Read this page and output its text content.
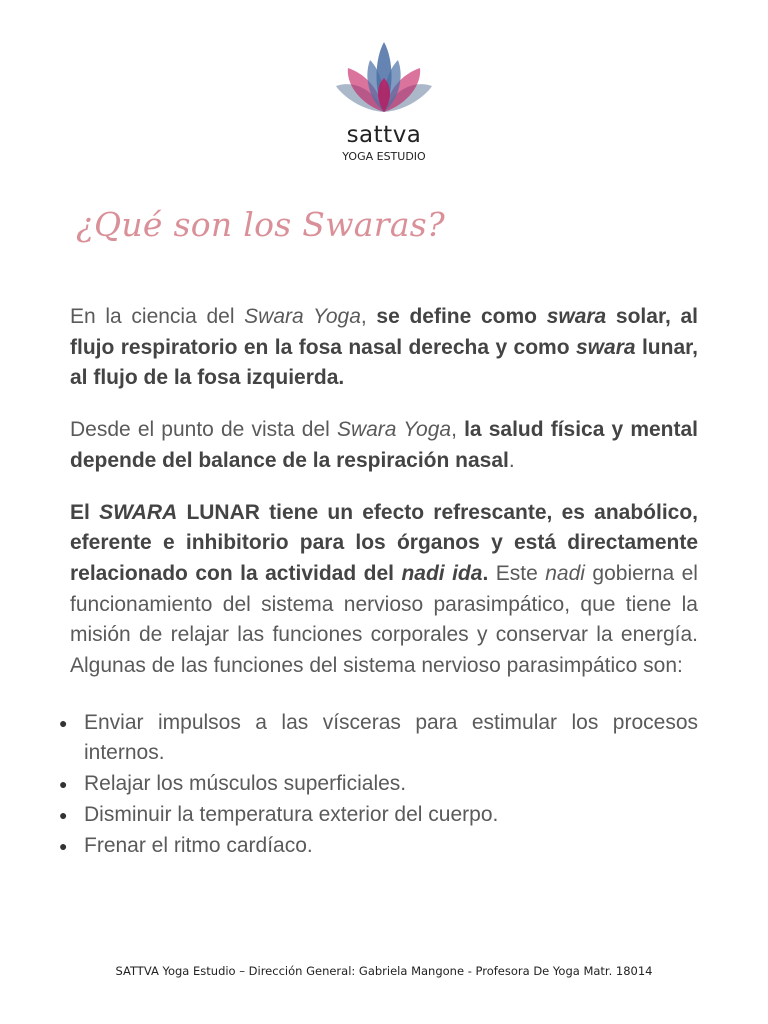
sattva
YOGA ESTUDIO
¿Qué son los Swaras?

En la ciencia del Swara Yoga, se define como swara solar, al flujo respiratorio en la fosa nasal derecha y como swara lunar, al flujo de la fosa izquierda.

Desde el punto de vista del Swara Yoga, la salud física y mental depende del balance de la respiración nasal.

El SWARA LUNAR tiene un efecto refrescante, es anabólico, eferente e inhibitorio para los órganos y está directamente relacionado con la actividad del nadi ida. Este nadi gobierna el funcionamiento del sistema nervioso parasimpático, que tiene la misión de relajar las funciones corporales y conservar la energía. Algunas de las funciones del sistema nervioso parasimpático son:

● Enviar impulsos a las vísceras para estimular los procesos internos.
● Relajar los músculos superficiales.
● Disminuir la temperatura exterior del cuerpo.
● Frenar el ritmo cardíaco.
SATTVA Yoga Estudio – Dirección General: Gabriela Mangone - Profesora De Yoga Matr. 18014
